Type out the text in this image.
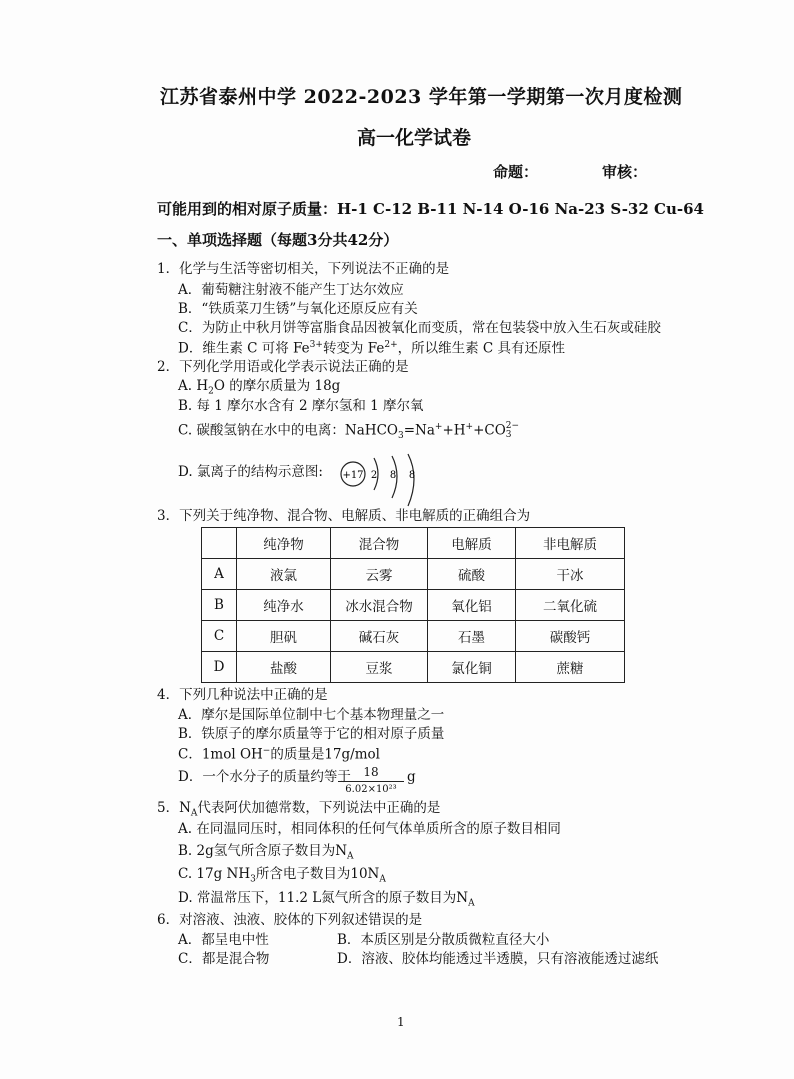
江苏省泰州中学 2022-2023 学年第一学期第一次月度检测
高一化学试卷
命题：	审核：
可能用到的相对原子质量：H-1 C-12 B-11 N-14 O-16 Na-23 S-32 Cu-64
一、单项选择题（每题3分共42分）
1．化学与生活等密切相关，下列说法不正确的是
A．葡萄糖注射液不能产生丁达尔效应
B．“铁质菜刀生锈”与氧化还原反应有关
C．为防止中秋月饼等富脂食品因被氧化而变质，常在包装袋中放入生石灰或硅胶
D．维生素 C 可将 $Fe^{3+}$转变为 $Fe^{2+}$，所以维生素 C 具有还原性
2．下列化学用语或化学表示说法正确的是
A. $H_2O$ 的摩尔质量为 18g
B. 每 1 摩尔水含有 2 摩尔氢和 1 摩尔氧
C. 碳酸氢钠在水中的电离：NaHCO$_3$=Na++H++CO 2−
3
D. 氯离子的结构示意图: +17 2 8 8
3．下列关于纯净物、混合物、电解质、非电解质的正确组合为
	纯净物	混合物	电解质	非电解质
A	液氯	云雾	硫酸	干冰
B	纯净水	冰水混合物	氧化铝	二氧化硫
C	胆矾	碱石灰	石墨	碳酸钙
D	盐酸	豆浆	氯化铜	蔗糖
4．下列几种说法中正确的是
A．摩尔是国际单位制中七个基本物理量之一
B．铁原子的摩尔质量等于它的相对原子质量
C．1mol OH−的质量是17g/mol
D．一个水分子的质量约等于	18
6.02×10²³
g
5．$N_A$代表阿伏加德常数，下列说法中正确的是
A. 在同温同压时，相同体积的任何气体单质所含的原子数目相同
B. 2g氢气所含原子数目为$N_A$
C. 17g $NH_3$所含电子数目为$10N_A$
D. 常温常压下，11.2 L氮气所含的原子数目为$N_A$
6．对溶液、浊液、胶体的下列叙述错误的是
A．都呈电中性	B．本质区别是分散质微粒直径大小
C．都是混合物	D．溶液、胶体均能透过半透膜，只有溶液能透过滤纸
1
